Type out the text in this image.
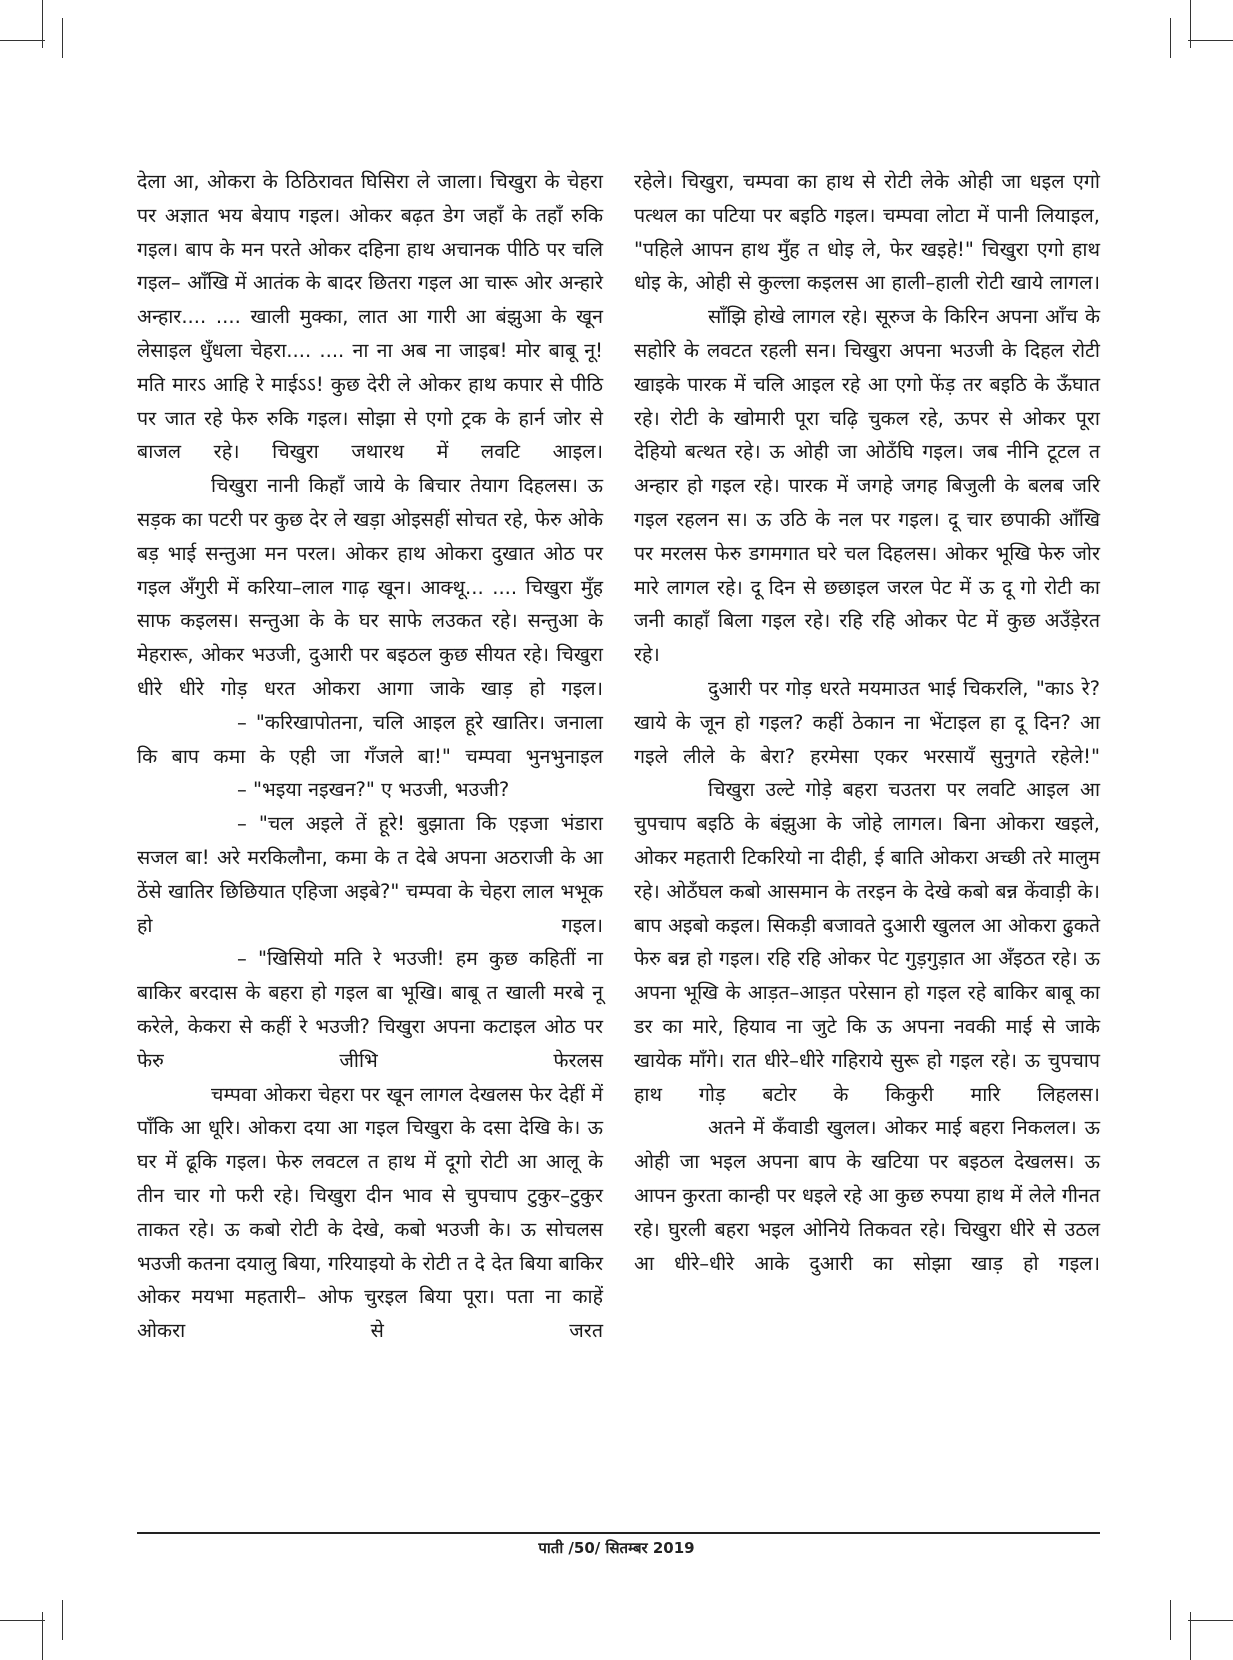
देला आ, ओकरा के ठिठिरावत घिसिरा ले जाला। चिखुरा के चेहरा पर अज्ञात भय बेयाप गइल। ओकर बढ़त डेग जहाँ के तहाँ रुकि गइल। बाप के मन परते ओकर दहिना हाथ अचानक पीठि पर चलि गइल– आँखि में आतंक के बादर छितरा गइल आ चारू ओर अन्हारे अन्हार.... .... खाली मुक्का, लात आ गारी आ बंझुआ के खून लेसाइल धुँधला चेहरा.... .... ना ना अब ना जाइब! मोर बाबू नू! मति मारऽ आहि रे माईऽऽ! कुछ देरी ले ओकर हाथ कपार से पीठि पर जात रहे फेरु रुकि गइल। सोझा से एगो ट्रक के हार्न जोर से बाजल रहे। चिखुरा जथारथ में लवटि आइल।

चिखुरा नानी किहाँ जाये के बिचार तेयाग दिहलस। ऊ सड़क का पटरी पर कुछ देर ले खड़ा ओइसहीं सोचत रहे, फेरु ओके बड़ भाई सन्तुआ मन परल। ओकर हाथ ओकरा दुखात ओठ पर गइल अँगुरी में करिया–लाल गाढ़ खून। आक्थू... .... चिखुरा मुँह साफ कइलस। सन्तुआ के के घर साफे लउकत रहे। सन्तुआ के मेहरारू, ओकर भउजी, दुआरी पर बइठल कुछ सीयत रहे। चिखुरा धीरे धीरे गोड़ धरत ओकरा आगा जाके खाड़ हो गइल।

– "करिखापोतना, चलि आइल हूरे खातिर। जनाला कि बाप कमा के एही जा गँजले बा!" चम्पवा भुनभुनाइल

– "भइया नइखन?" ए भउजी, भउजी?

– "चल अइले तें हूरे! बुझाता कि एइजा भंडारा सजल बा! अरे मरकिलौना, कमा के त देबे अपना अठराजी के आ ठेंसे खातिर छिछियात एहिजा अइबे?" चम्पवा के चेहरा लाल भभूक हो गइल।

– "खिसियो मति रे भउजी! हम कुछ कहितीं ना बाकिर बरदास के बहरा हो गइल बा भूखि। बाबू त खाली मरबे नू करेले, केकरा से कहीं रे भउजी? चिखुरा अपना कटाइल ओठ पर फेरु जीभि फेरलस

चम्पवा ओकरा चेहरा पर खून लागल देखलस फेर देहीं में पाँकि आ धूरि। ओकरा दया आ गइल चिखुरा के दसा देखि के। ऊ घर में ढूकि गइल। फेरु लवटल त हाथ में दूगो रोटी आ आलू के तीन चार गो फरी रहे। चिखुरा दीन भाव से चुपचाप टुकुर–टुकुर ताकत रहे। ऊ कबो रोटी के देखे, कबो भउजी के। ऊ सोचलस भउजी कतना दयालु बिया, गरियाइयो के रोटी त दे देत बिया बाकिर ओकर मयभा महतारी– ओफ चुरइल बिया पूरा। पता ना काहें ओकरा से जरत

रहेले। चिखुरा, चम्पवा का हाथ से रोटी लेके ओही जा धइल एगो पत्थल का पटिया पर बइठि गइल। चम्पवा लोटा में पानी लियाइल, "पहिले आपन हाथ मुँह त धोइ ले, फेर खइहे!" चिखुरा एगो हाथ धोइ के, ओही से कुल्ला कइलस आ हाली–हाली रोटी खाये लागल।

साँझि होखे लागल रहे। सूरुज के किरिन अपना आँच के सहोरि के लवटत रहली सन। चिखुरा अपना भउजी के दिहल रोटी खाइके पारक में चलि आइल रहे आ एगो फेंड़ तर बइठि के ऊँघात रहे। रोटी के खोमारी पूरा चढ़ि चुकल रहे, ऊपर से ओकर पूरा देहियो बत्थत रहे। ऊ ओही जा ओठँघि गइल। जब नीनि टूटल त अन्हार हो गइल रहे। पारक में जगहे जगह बिजुली के बलब जरि गइल रहलन स। ऊ उठि के नल पर गइल। दू चार छपाकी आँखि पर मरलस फेरु डगमगात घरे चल दिहलस। ओकर भूखि फेरु जोर मारे लागल रहे। दू दिन से छछाइल जरल पेट में ऊ दू गो रोटी का जनी काहाँ बिला गइल रहे। रहि रहि ओकर पेट में कुछ अउँड़ेरत रहे।

दुआरी पर गोड़ धरते मयमाउत भाई चिकरलि, "काऽ रे? खाये के जून हो गइल? कहीं ठेकान ना भेंटाइल हा दू दिन? आ गइले लीले के बेरा? हरमेसा एकर भरसायँ सुनुगते रहेले!"

चिखुरा उल्टे गोड़े बहरा चउतरा पर लवटि आइल आ चुपचाप बइठि के बंझुआ के जोहे लागल। बिना ओकरा खइले, ओकर महतारी टिकरियो ना दीही, ई बाति ओकरा अच्छी तरे मालुम रहे। ओठँघल कबो आसमान के तरइन के देखे कबो बन्न केंवाड़ी के। बाप अइबो कइल। सिकड़ी बजावते दुआरी खुलल आ ओकरा ढुकते फेरु बन्न हो गइल। रहि रहि ओकर पेट गुड़गुड़ात आ अँइठत रहे। ऊ अपना भूखि के आड़त–आड़त परेसान हो गइल रहे बाकिर बाबू का डर का मारे, हियाव ना जुटे कि ऊ अपना नवकी माई से जाके खायेक माँगे। रात धीरे–धीरे गहिराये सुरू हो गइल रहे। ऊ चुपचाप हाथ गोड़ बटोर के किकुरी मारि लिहलस।

अतने में कँवाडी खुलल। ओकर माई बहरा निकलल। ऊ ओही जा भइल अपना बाप के खटिया पर बइठल देखलस। ऊ आपन कुरता कान्ही पर धइले रहे आ कुछ रुपया हाथ में लेले गीनत रहे। घुरली बहरा भइल ओनिये तिकवत रहे। चिखुरा धीरे से उठल आ धीरे–धीरे आके दुआरी का सोझा खाड़ हो गइल।

पाती /50/ सितम्बर 2019
